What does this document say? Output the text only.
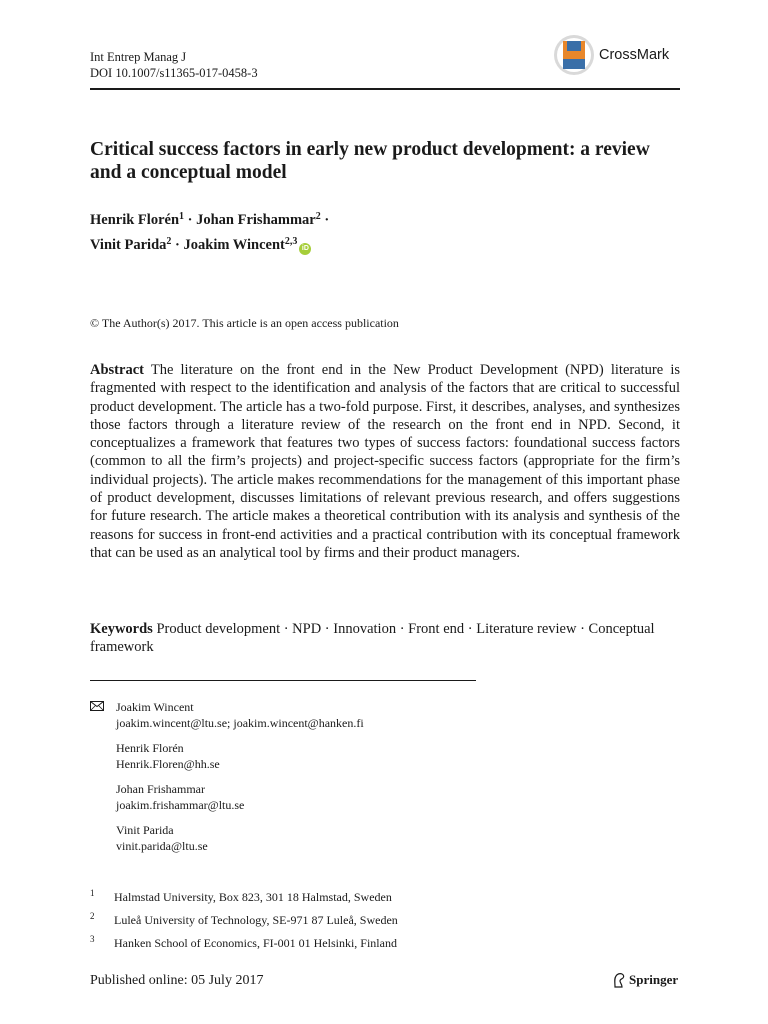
Int Entrep Manag J
DOI 10.1007/s11365-017-0458-3
CrossMark
Critical success factors in early new product development: a review and a conceptual model
Henrik Florén$^1$ · Johan Frishammar$^2$ ·
Vinit Parida$^2$ · Joakim Wincent$^{2,3}$iD
© The Author(s) 2017. This article is an open access publication
Abstract The literature on the front end in the New Product Development (NPD) literature is fragmented with respect to the identification and analysis of the factors that are critical to successful product development. The article has a two-fold purpose. First, it describes, analyses, and synthesizes those factors through a literature review of the research on the front end in NPD. Second, it conceptualizes a framework that features two types of success factors: foundational success factors (common to all the firm’s projects) and project-specific success factors (appropriate for the firm’s individual projects). The article makes recommendations for the management of this important phase of product development, discusses limitations of relevant previous research, and offers suggestions for future research. The article makes a theoretical contribution with its analysis and synthesis of the reasons for success in front-end activities and a practical contribution with its conceptual framework that can be used as an analytical tool by firms and their product managers.
Keywords Product development · NPD · Innovation · Front end · Literature review · Conceptual framework
Joakim Wincent
joakim.wincent@ltu.se; joakim.wincent@hanken.fi
Henrik Florén
Henrik.Floren@hh.se
Johan Frishammar
joakim.frishammar@ltu.se
Vinit Parida
vinit.parida@ltu.se
1	Halmstad University, Box 823, 301 18 Halmstad, Sweden
2	Luleå University of Technology, SE-971 87 Luleå, Sweden
3	Hanken School of Economics, FI-001 01 Helsinki, Finland
Published online: 05 July 2017	Springer
